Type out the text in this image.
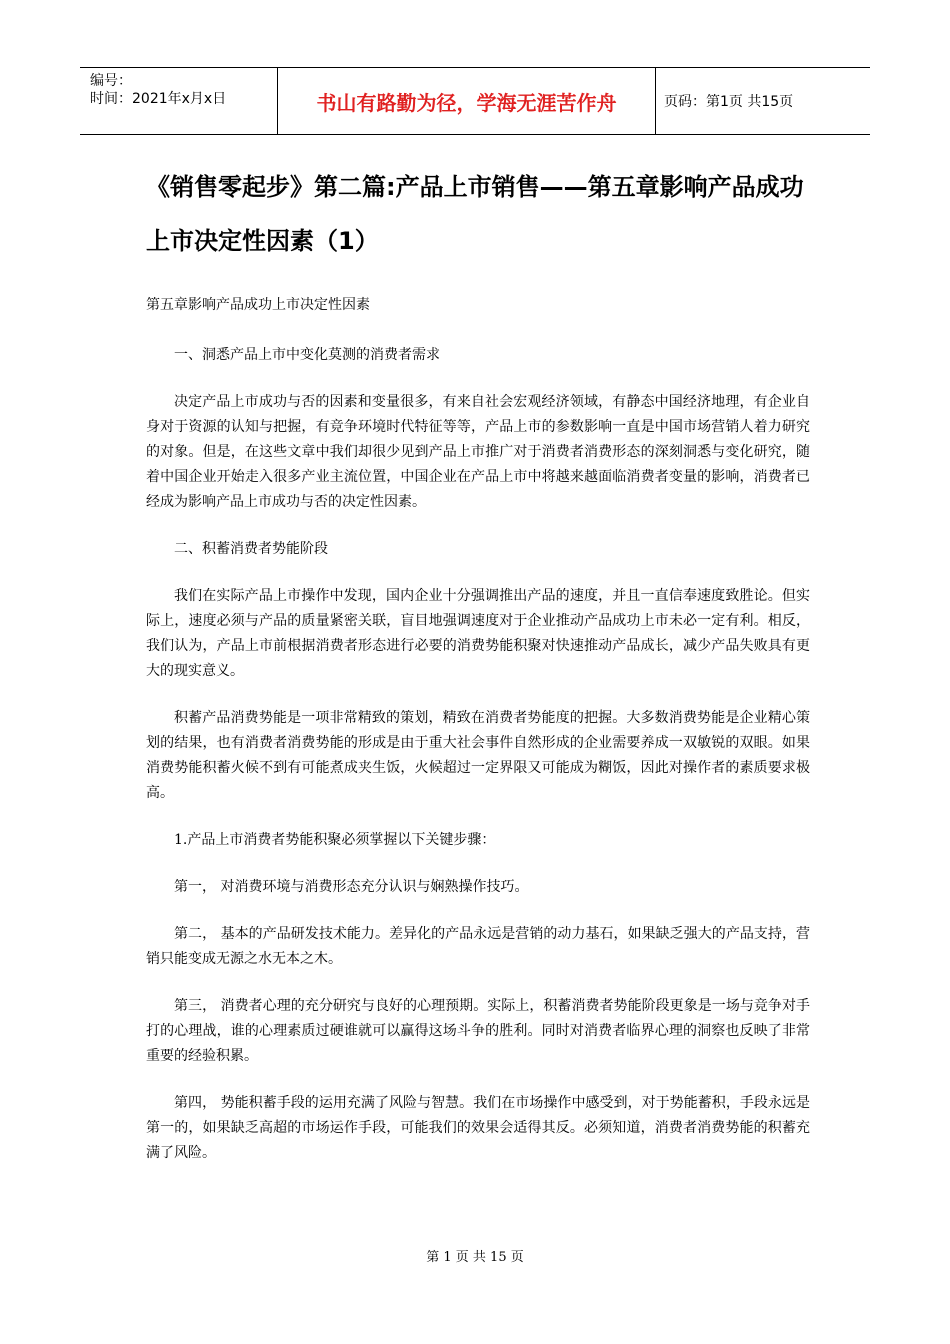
编号：
时间：2021年x月x日	书山有路勤为径，学海无涯苦作舟	页码：第1页 共15页
《销售零起步》第二篇:产品上市销售——第五章影响产品成功上市决定性因素（1）

第五章影响产品成功上市决定性因素

一、洞悉产品上市中变化莫测的消费者需求

决定产品上市成功与否的因素和变量很多，有来自社会宏观经济领域，有静态中国经济地理，有企业自身对于资源的认知与把握，有竞争环境时代特征等等，产品上市的参数影响一直是中国市场营销人着力研究的对象。但是，在这些文章中我们却很少见到产品上市推广对于消费者消费形态的深刻洞悉与变化研究，随着中国企业开始走入很多产业主流位置，中国企业在产品上市中将越来越面临消费者变量的影响，消费者已经成为影响产品上市成功与否的决定性因素。

二、积蓄消费者势能阶段

我们在实际产品上市操作中发现，国内企业十分强调推出产品的速度，并且一直信奉速度致胜论。但实际上，速度必须与产品的质量紧密关联，盲目地强调速度对于企业推动产品成功上市未必一定有利。相反，我们认为，产品上市前根据消费者形态进行必要的消费势能积聚对快速推动产品成长，减少产品失败具有更大的现实意义。

积蓄产品消费势能是一项非常精致的策划，精致在消费者势能度的把握。大多数消费势能是企业精心策划的结果，也有消费者消费势能的形成是由于重大社会事件自然形成的企业需要养成一双敏锐的双眼。如果消费势能积蓄火候不到有可能煮成夹生饭，火候超过一定界限又可能成为糊饭，因此对操作者的素质要求极高。

1.产品上市消费者势能积聚必须掌握以下关键步骤：

第一， 对消费环境与消费形态充分认识与娴熟操作技巧。

第二， 基本的产品研发技术能力。差异化的产品永远是营销的动力基石，如果缺乏强大的产品支持，营销只能变成无源之水无本之木。

第三， 消费者心理的充分研究与良好的心理预期。实际上，积蓄消费者势能阶段更象是一场与竞争对手打的心理战，谁的心理素质过硬谁就可以赢得这场斗争的胜利。同时对消费者临界心理的洞察也反映了非常重要的经验积累。

第四， 势能积蓄手段的运用充满了风险与智慧。我们在市场操作中感受到，对于势能蓄积，手段永远是第一的，如果缺乏高超的市场运作手段，可能我们的效果会适得其反。必须知道，消费者消费势能的积蓄充满了风险。

第 1 页 共 15 页
